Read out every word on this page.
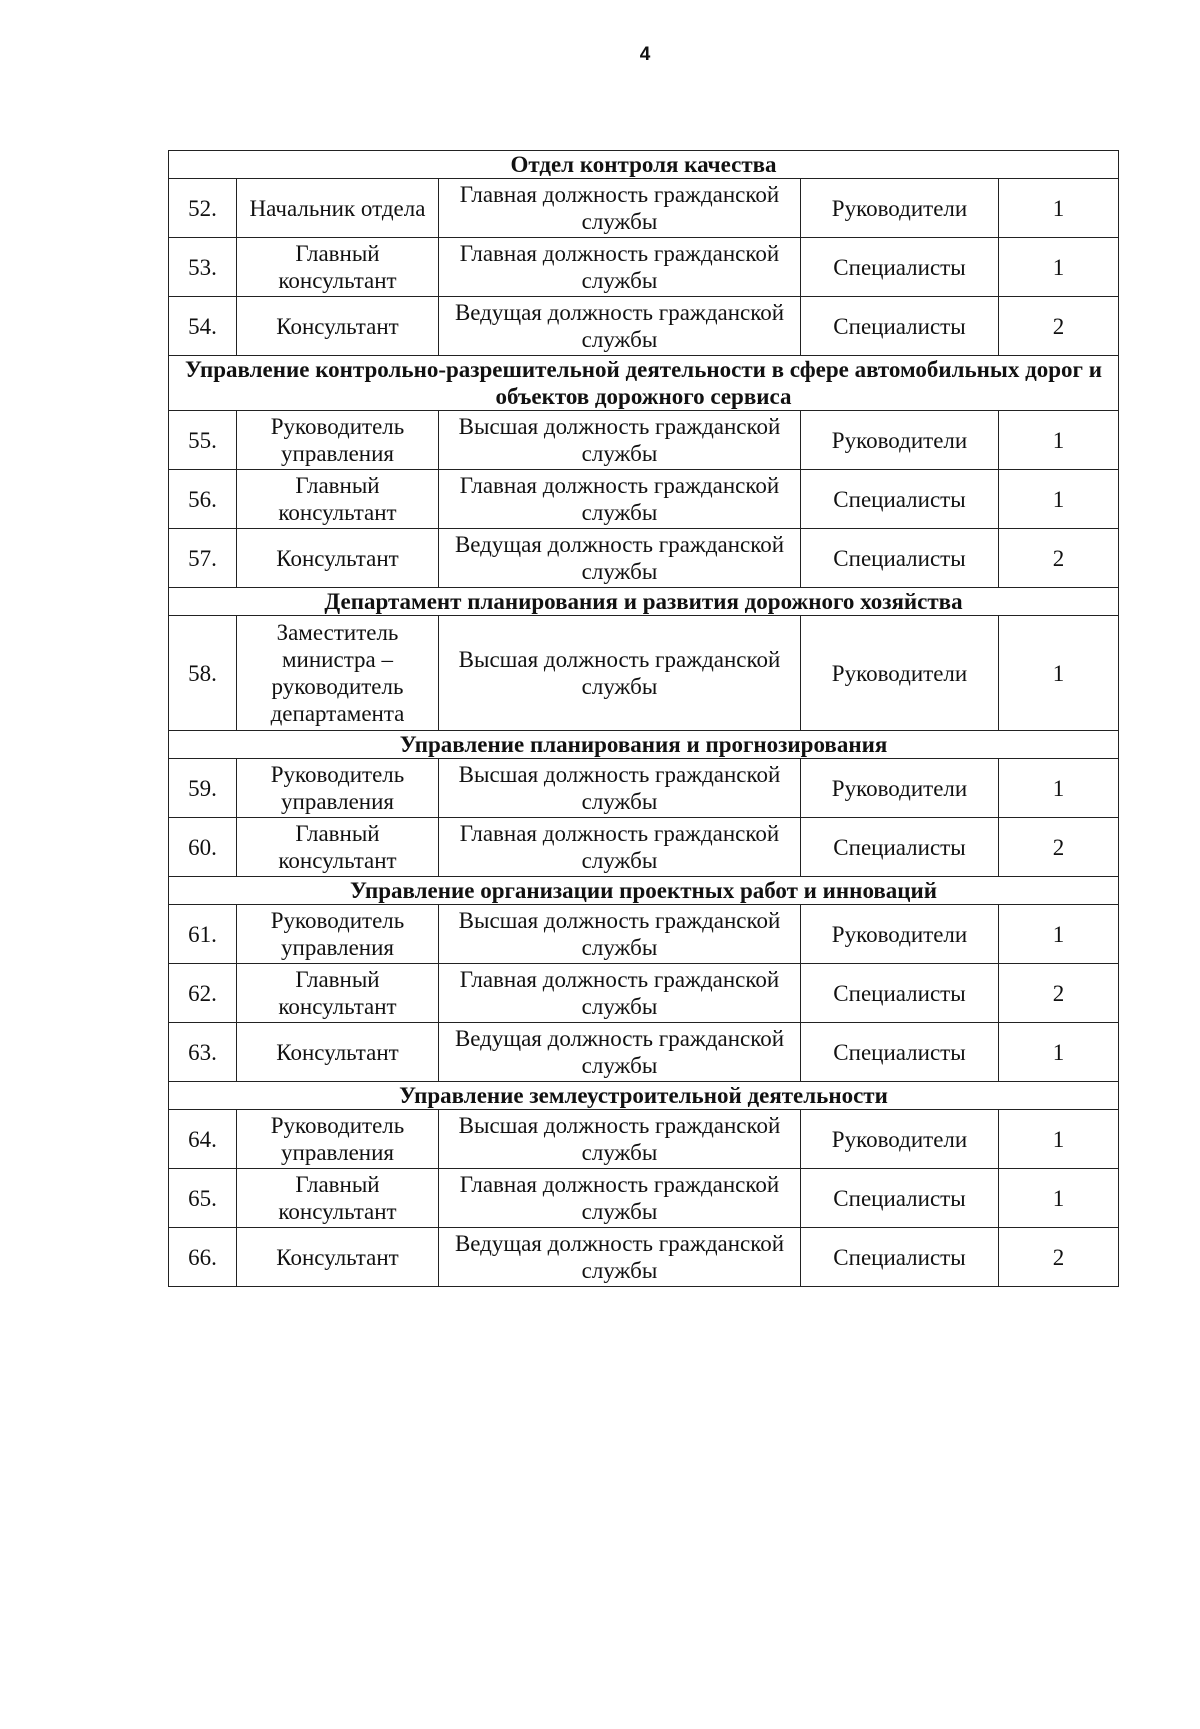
4
Отдел контроля качества				
52.	Начальник отдела	Главная должность гражданской службы	Руководители	1
53.	Главный консультант	Главная должность гражданской службы	Специалисты	1
54.	Консультант	Ведущая должность гражданской службы	Специалисты	2
Управление контрольно-разрешительной деятельности в сфере автомобильных дорог и объектов дорожного сервиса				
55.	Руководитель управления	Высшая должность гражданской службы	Руководители	1
56.	Главный консультант	Главная должность гражданской службы	Специалисты	1
57.	Консультант	Ведущая должность гражданской службы	Специалисты	2
Департамент планирования и развития дорожного хозяйства				
58.	Заместитель министра – руководитель департамента	Высшая должность гражданской службы	Руководители	1
Управление планирования и прогнозирования				
59.	Руководитель управления	Высшая должность гражданской службы	Руководители	1
60.	Главный консультант	Главная должность гражданской службы	Специалисты	2
Управление организации проектных работ и инноваций				
61.	Руководитель управления	Высшая должность гражданской службы	Руководители	1
62.	Главный консультант	Главная должность гражданской службы	Специалисты	2
63.	Консультант	Ведущая должность гражданской службы	Специалисты	1
Управление землеустроительной деятельности				
64.	Руководитель управления	Высшая должность гражданской службы	Руководители	1
65.	Главный консультант	Главная должность гражданской службы	Специалисты	1
66.	Консультант	Ведущая должность гражданской службы	Специалисты	2
